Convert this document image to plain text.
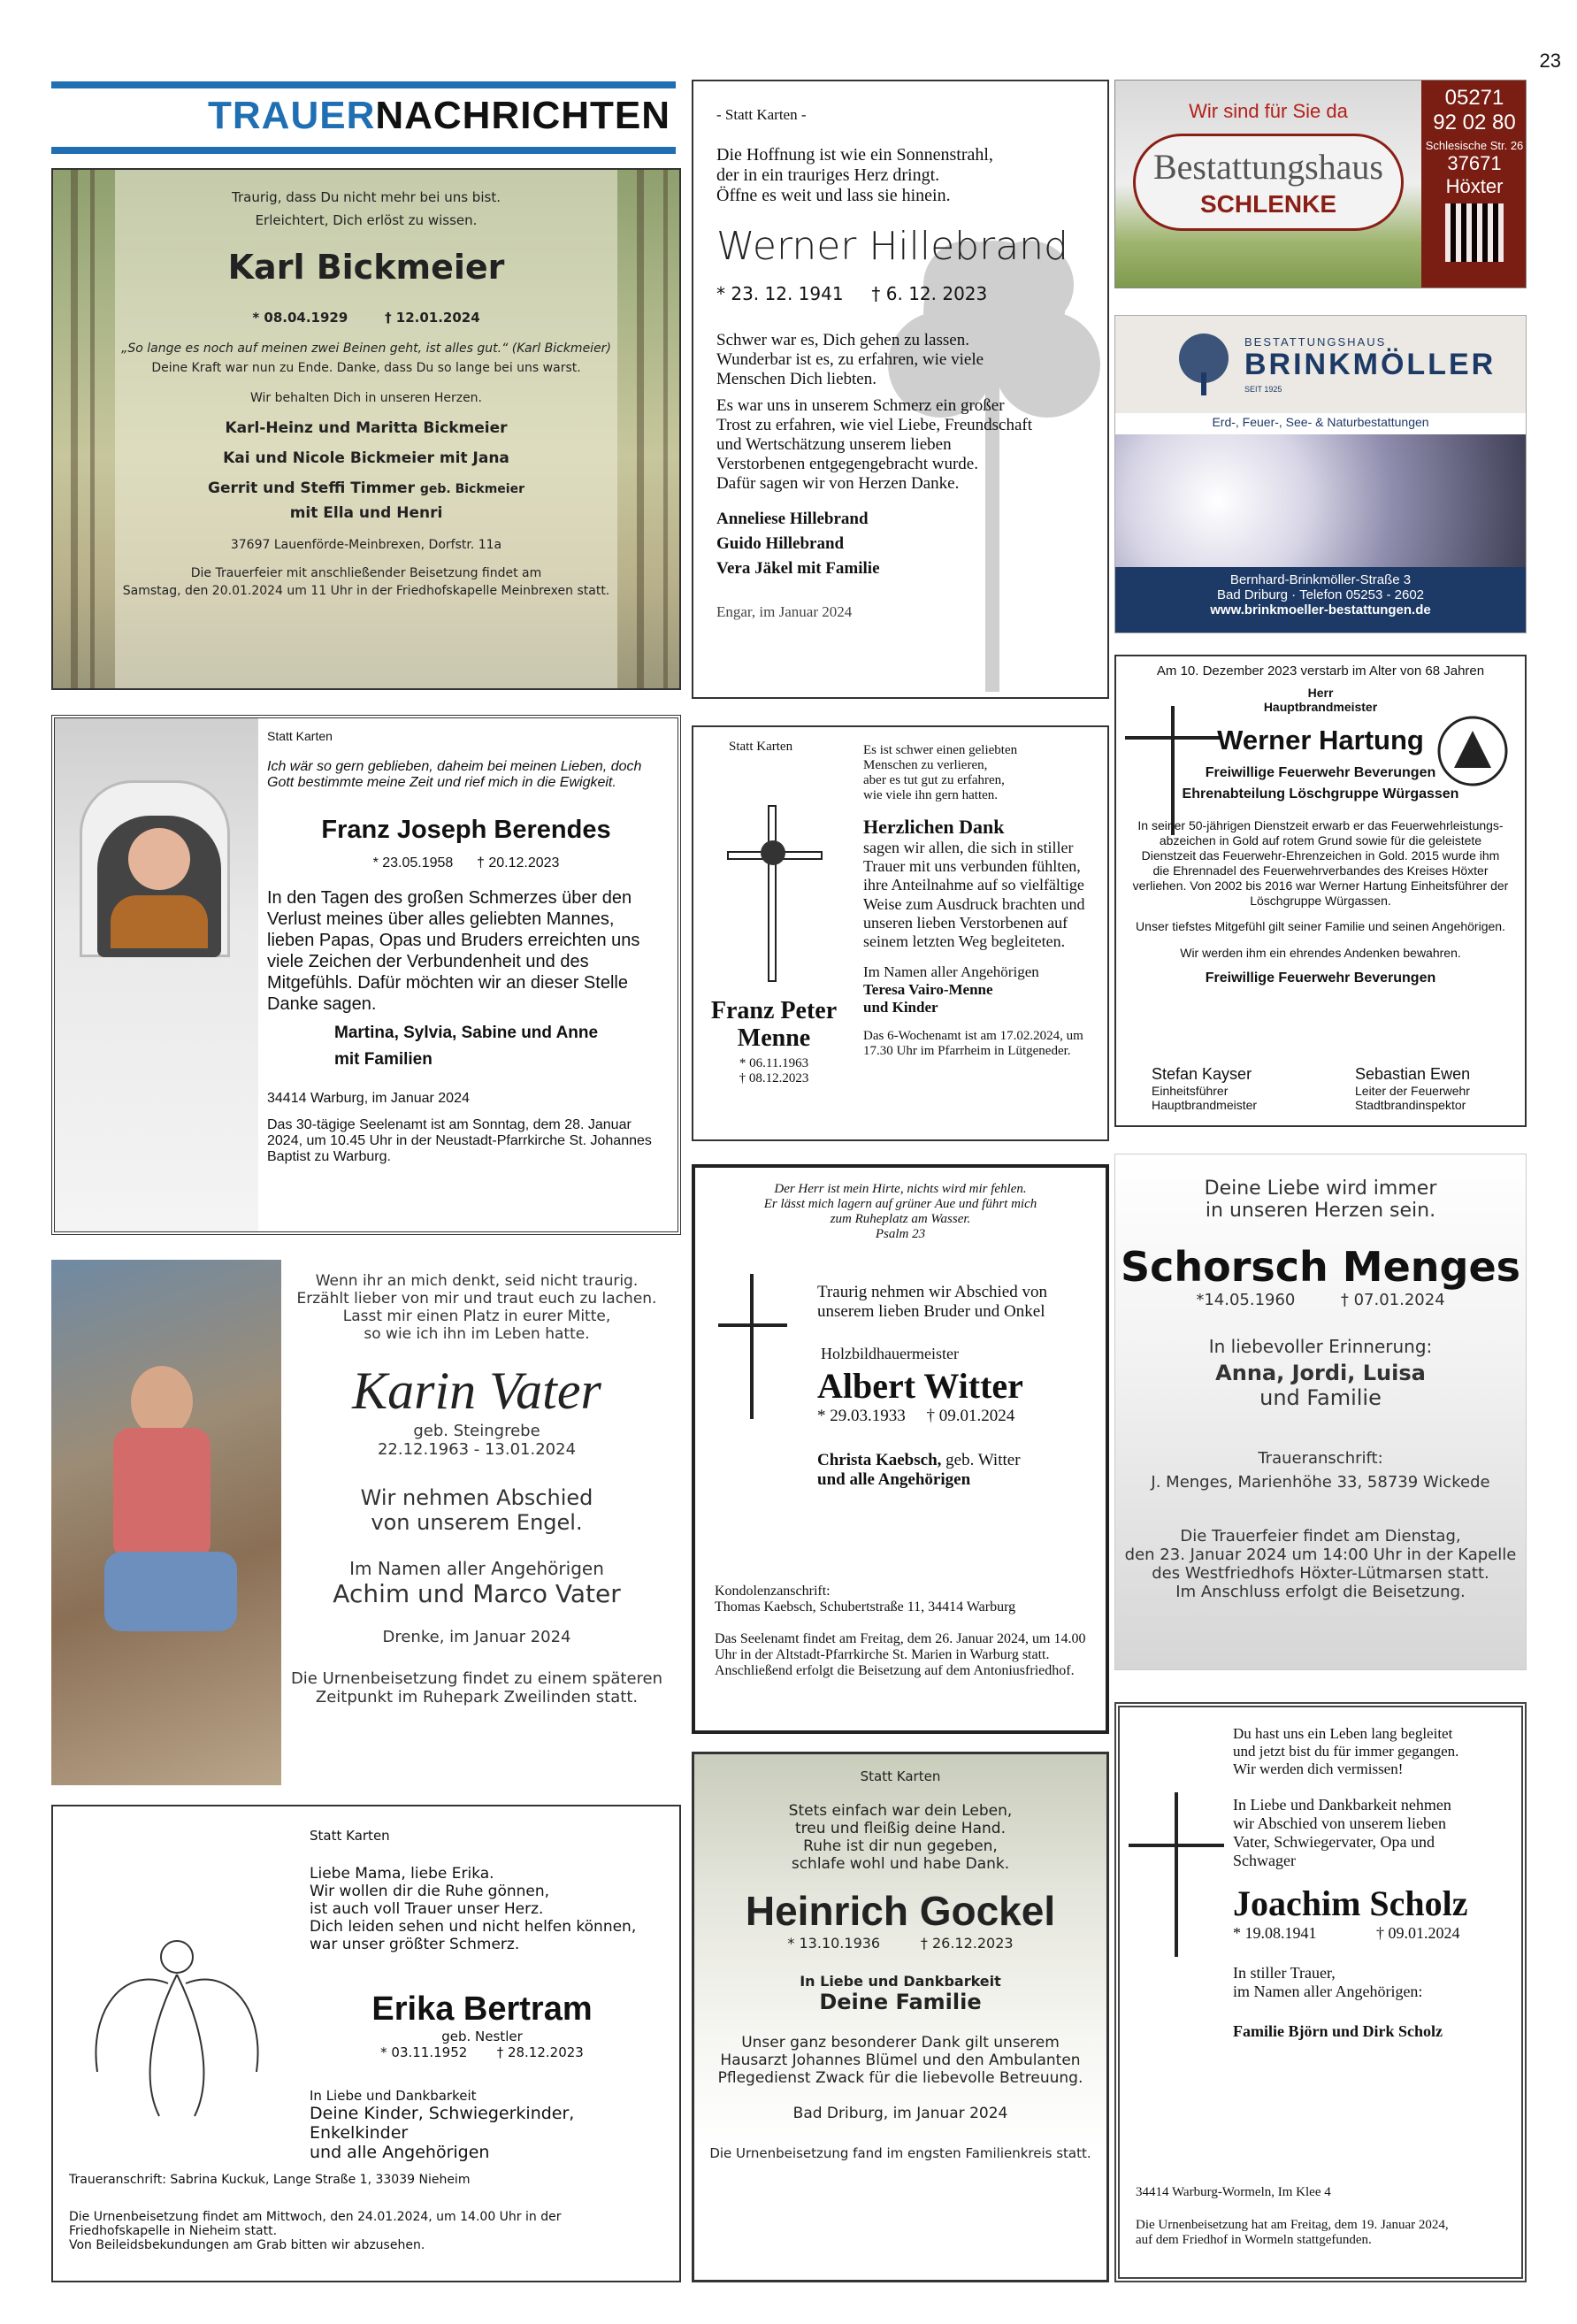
23
TRAUERNACHRICHTEN
Traurig, dass Du nicht mehr bei uns bist.
Erleichtert, Dich erlöst zu wissen.
Karl Bickmeier
* 08.04.1929	† 12.01.2024
„So lange es noch auf meinen zwei Beinen geht, ist alles gut.“ (Karl Bickmeier)
Deine Kraft war nun zu Ende. Danke, dass Du so lange bei uns warst.
Wir behalten Dich in unseren Herzen.
Karl-Heinz und Maritta Bickmeier
Kai und Nicole Bickmeier mit Jana
Gerrit und Steffi Timmer geb. Bickmeier
mit Ella und Henri
37697 Lauenförde-Meinbrexen, Dorfstr. 11a
Die Trauerfeier mit anschließender Beisetzung findet am
Samstag, den 20.01.2024 um 11 Uhr in der Friedhofskapelle Meinbrexen statt.
- Statt Karten -
Die Hoffnung ist wie ein Sonnenstrahl,
der in ein trauriges Herz dringt.
Öffne es weit und lass sie hinein.
Werner Hillebrand
* 23. 12. 1941 † 6. 12. 2023
Schwer war es, Dich gehen zu lassen.
Wunderbar ist es, zu erfahren, wie viele
Menschen Dich liebten.
Es war uns in unserem Schmerz ein großer
Trost zu erfahren, wie viel Liebe, Freundschaft
und Wertschätzung unserem lieben
Verstorbenen entgegengebracht wurde.
Dafür sagen wir von Herzen Danke.
Anneliese Hillebrand
Guido Hillebrand
Vera Jäkel mit Familie
Engar, im Januar 2024
Wir sind für Sie da
Bestattungshaus
SCHLENKE
05271
92 02 80
Schlesische Str. 26
37671
Höxter
BESTATTUNGSHAUS
BRINKMÖLLER
SEIT 1925
Erd-, Feuer-, See- & Naturbestattungen
Bernhard-Brinkmöller-Straße 3
Bad Driburg · Telefon 05253 - 2602
www.brinkmoeller-bestattungen.de
Statt Karten
Ich wär so gern geblieben, daheim bei meinen Lieben, doch Gott bestimmte meine Zeit und rief mich in die Ewigkeit.
Franz Joseph Berendes
* 23.05.1958 † 20.12.2023
In den Tagen des großen Schmerzes über den Verlust meines über alles geliebten Mannes, lieben Papas, Opas und Bruders erreichten uns viele Zeichen der Verbundenheit und des Mitgefühls. Dafür möchten wir an dieser Stelle Danke sagen.
Martina, Sylvia, Sabine und Anne
mit Familien
34414 Warburg, im Januar 2024
Das 30-tägige Seelenamt ist am Sonntag, dem 28. Januar 2024, um 10.45 Uhr in der Neustadt-Pfarrkirche St. Johannes Baptist zu Warburg.
Statt Karten
Franz Peter
Menne
* 06.11.1963
† 08.12.2023
Es ist schwer einen geliebten
Menschen zu verlieren,
aber es tut gut zu erfahren,
wie viele ihn gern hatten.
Herzlichen Dank
sagen wir allen, die sich in stiller Trauer mit uns verbunden fühlten, ihre Anteilnahme auf so vielfältige Weise zum Ausdruck brachten und unseren lieben Verstorbenen auf seinem letzten Weg begleiteten.
Im Namen aller Angehörigen
Teresa Vairo-Menne
und Kinder
Das 6-Wochenamt ist am 17.02.2024, um 17.30 Uhr im Pfarrheim in Lütgeneder.
Am 10. Dezember 2023 verstarb im Alter von 68 Jahren
Herr
Hauptbrandmeister
Werner Hartung
Freiwillige Feuerwehr Beverungen
Ehrenabteilung Löschgruppe Würgassen
In seiner 50-jährigen Dienstzeit erwarb er das Feuerwehrleistungs-abzeichen in Gold auf rotem Grund sowie für die geleistete Dienstzeit das Feuerwehr-Ehrenzeichen in Gold. 2015 wurde ihm die Ehrennadel des Feuerwehrverbandes des Kreises Höxter verliehen. Von 2002 bis 2016 war Werner Hartung Einheitsführer der Löschgruppe Würgassen.
Unser tiefstes Mitgefühl gilt seiner Familie und seinen Angehörigen.
Wir werden ihm ein ehrendes Andenken bewahren.
Freiwillige Feuerwehr Beverungen
Stefan Kayser
Einheitsführer
Hauptbrandmeister
Sebastian Ewen
Leiter der Feuerwehr
Stadtbrandinspektor
Wenn ihr an mich denkt, seid nicht traurig.
Erzählt lieber von mir und traut euch zu lachen.
Lasst mir einen Platz in eurer Mitte,
so wie ich ihn im Leben hatte.
Karin Vater
geb. Steingrebe
22.12.1963 - 13.01.2024
Wir nehmen Abschied
von unserem Engel.
Im Namen aller Angehörigen
Achim und Marco Vater
Drenke, im Januar 2024
Die Urnenbeisetzung findet zu einem späteren
Zeitpunkt im Ruhepark Zweilinden statt.
Der Herr ist mein Hirte, nichts wird mir fehlen.
Er lässt mich lagern auf grüner Aue und führt mich
zum Ruheplatz am Wasser.
Psalm 23
Traurig nehmen wir Abschied von
unserem lieben Bruder und Onkel
Holzbildhauermeister
Albert Witter
* 29.03.1933 † 09.01.2024
Christa Kaebsch, geb. Witter
und alle Angehörigen
Kondolenzanschrift:
Thomas Kaebsch, Schubertstraße 11, 34414 Warburg
Das Seelenamt findet am Freitag, dem 26. Januar 2024, um 14.00 Uhr in der Altstadt-Pfarrkirche St. Marien in Warburg statt. Anschließend erfolgt die Beisetzung auf dem Antoniusfriedhof.
Deine Liebe wird immer
in unseren Herzen sein.
Schorsch Menges
*14.05.1960	† 07.01.2024
In liebevoller Erinnerung:
Anna, Jordi, Luisa
und Familie
Traueranschrift:
J. Menges, Marienhöhe 33, 58739 Wickede
Die Trauerfeier findet am Dienstag,
den 23. Januar 2024 um 14:00 Uhr in der Kapelle
des Westfriedhofs Höxter-Lütmarsen statt.
Im Anschluss erfolgt die Beisetzung.
Statt Karten
Liebe Mama, liebe Erika.
Wir wollen dir die Ruhe gönnen,
ist auch voll Trauer unser Herz.
Dich leiden sehen und nicht helfen können,
war unser größter Schmerz.
Erika Bertram
geb. Nestler
* 03.11.1952 † 28.12.2023
In Liebe und Dankbarkeit
Deine Kinder, Schwiegerkinder, Enkelkinder
und alle Angehörigen
Traueranschrift: Sabrina Kuckuk, Lange Straße 1, 33039 Nieheim
Die Urnenbeisetzung findet am Mittwoch, den 24.01.2024, um 14.00 Uhr in der
Friedhofskapelle in Nieheim statt.
Von Beileidsbekundungen am Grab bitten wir abzusehen.
Statt Karten
Stets einfach war dein Leben,
treu und fleißig deine Hand.
Ruhe ist dir nun gegeben,
schlafe wohl und habe Dank.
Heinrich Gockel
* 13.10.1936	† 26.12.2023
In Liebe und Dankbarkeit
Deine Familie
Unser ganz besonderer Dank gilt unserem
Hausarzt Johannes Blümel und den Ambulanten
Pflegedienst Zwack für die liebevolle Betreuung.
Bad Driburg, im Januar 2024
Die Urnenbeisetzung fand im engsten Familienkreis statt.
Du hast uns ein Leben lang begleitet
und jetzt bist du für immer gegangen.
Wir werden dich vermissen!
In Liebe und Dankbarkeit nehmen
wir Abschied von unserem lieben
Vater, Schwiegervater, Opa und
Schwager
Joachim Scholz
* 19.08.1941	† 09.01.2024
In stiller Trauer,
im Namen aller Angehörigen:
Familie Björn und Dirk Scholz
34414 Warburg-Wormeln, Im Klee 4
Die Urnenbeisetzung hat am Freitag, dem 19. Januar 2024,
auf dem Friedhof in Wormeln stattgefunden.
